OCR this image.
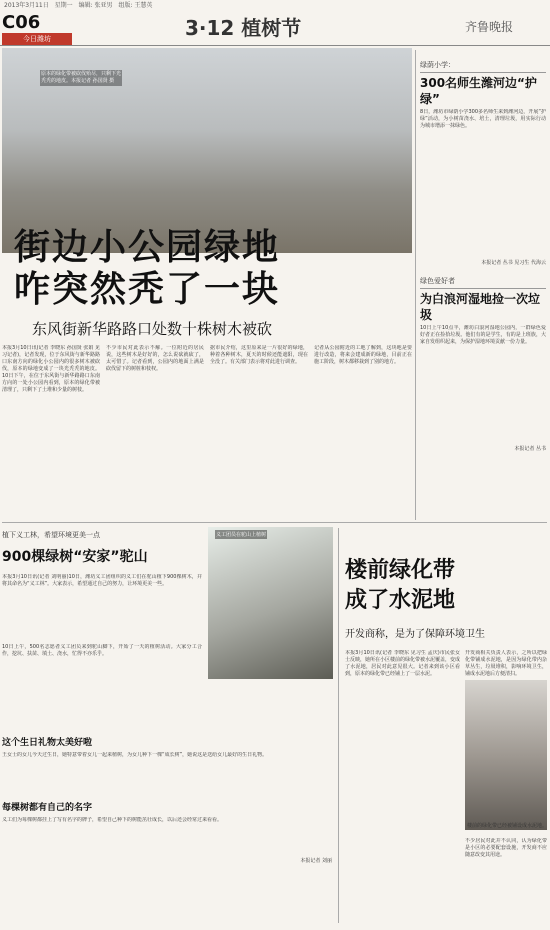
2013年3月11日 星期一 编辑: 张亚男 组版: 王慧英
C06
今日潍坊	3·12 植树节	齐鲁晚报
原本的绿化带被砍伐殆尽，只剩下光秃秃的地皮。本报记者 孙国贤 摄
街边小公园绿地
咋突然秃了一块
东风街新华路路口处数十株树木被砍
本报3月10日讯(记者 李晓东 孙国贤 张娟 见习记者)，记者发现，位于东风街与新华路路口东南方向的绿化小公园内的很多树木被砍伐，原本的绿地变成了一块光秃秃的地皮。10日下午，在位于东风街与新华路路口东南方向的一处小公园内看到，原本的绿化带被清理了，只剩下了土堆和少量的树枝。
不少市民对此表示不解。一位附近的居民说，这些树木是好好的，怎么说砍就砍了，太可惜了。记者看到，公园内的地面上满是砍伐留下的树桩和枝杈。
据市民介绍，这里原来是一片很好的绿地，种着各种树木，夏天的时候还能遮阳，现在全没了。有关部门表示将对此进行调查。
记者从公园附近的工地了解到，这块地是要进行改造，将来会建成新的绿地，目前正在施工阶段，树木都移栽到了别的地方。
绿荫小学：
300名师生潍河边“护绿”
8日，潍坊市绿荫小学300多名师生来到潍河边，开展“护绿”活动，为小树苗浇水、培土，清理垃圾，用实际行动为城市增添一抹绿色。
本报记者 丛书 见习生 代海云
绿色爱好者
为白浪河湿地捡一次垃圾
10日上午10点半，潍坊白浪河湿地公园内，一群绿色爱好者正在捡拾垃圾。他们有的是学生，有的是上班族，大家自发组织起来，为保护湿地环境贡献一份力量。
本报记者 丛书
植下义工林，希望环境更美一点
900棵绿树“安家”驼山
本报3月10日讯(记者 刘明丽)10日，潍坊义工团组织的义工们在驼山植下900棵树木，并将其命名为“义工林”。大家表示，希望通过自己的努力，让环境更美一些。
10日上午，500名志愿者义工团员来到驼山脚下，开始了一天的植树活动。大家分工合作，挖坑、扶苗、填土、浇水，忙得不亦乐乎。
义工团员在驼山上植树
这个生日礼物太美好啦
王女士的女儿今天过生日，她特意带着女儿一起来植树，为女儿种下一棵“成长树”，她说这是送给女儿最好的生日礼物。
每棵树都有自己的名字
义工们为每棵树都挂上了写有名字的牌子，希望自己种下的树能茁壮成长，以后还会经常过来看看。
本报记者 刘丽
楼前绿化带
成了水泥地
开发商称，是为了保障环境卫生
本报3月10日讯(记者 李晓东 见习生 孟庆)市民张女士反映，她所在小区楼前的绿化带被水泥覆盖，变成了水泥地，居民对此意见很大。记者来到该小区看到，原本的绿化带已经铺上了一层水泥。
开发商相关负责人表示，之所以把绿化带铺成水泥地，是因为绿化带内杂草丛生，垃圾堆积，影响环境卫生，铺成水泥地后方便清扫。
楼前的绿化带已经被铺设成水泥地。
不少居民对此并不认同，认为绿化带是小区的必要配套设施，开发商不应随意改变其用途。
